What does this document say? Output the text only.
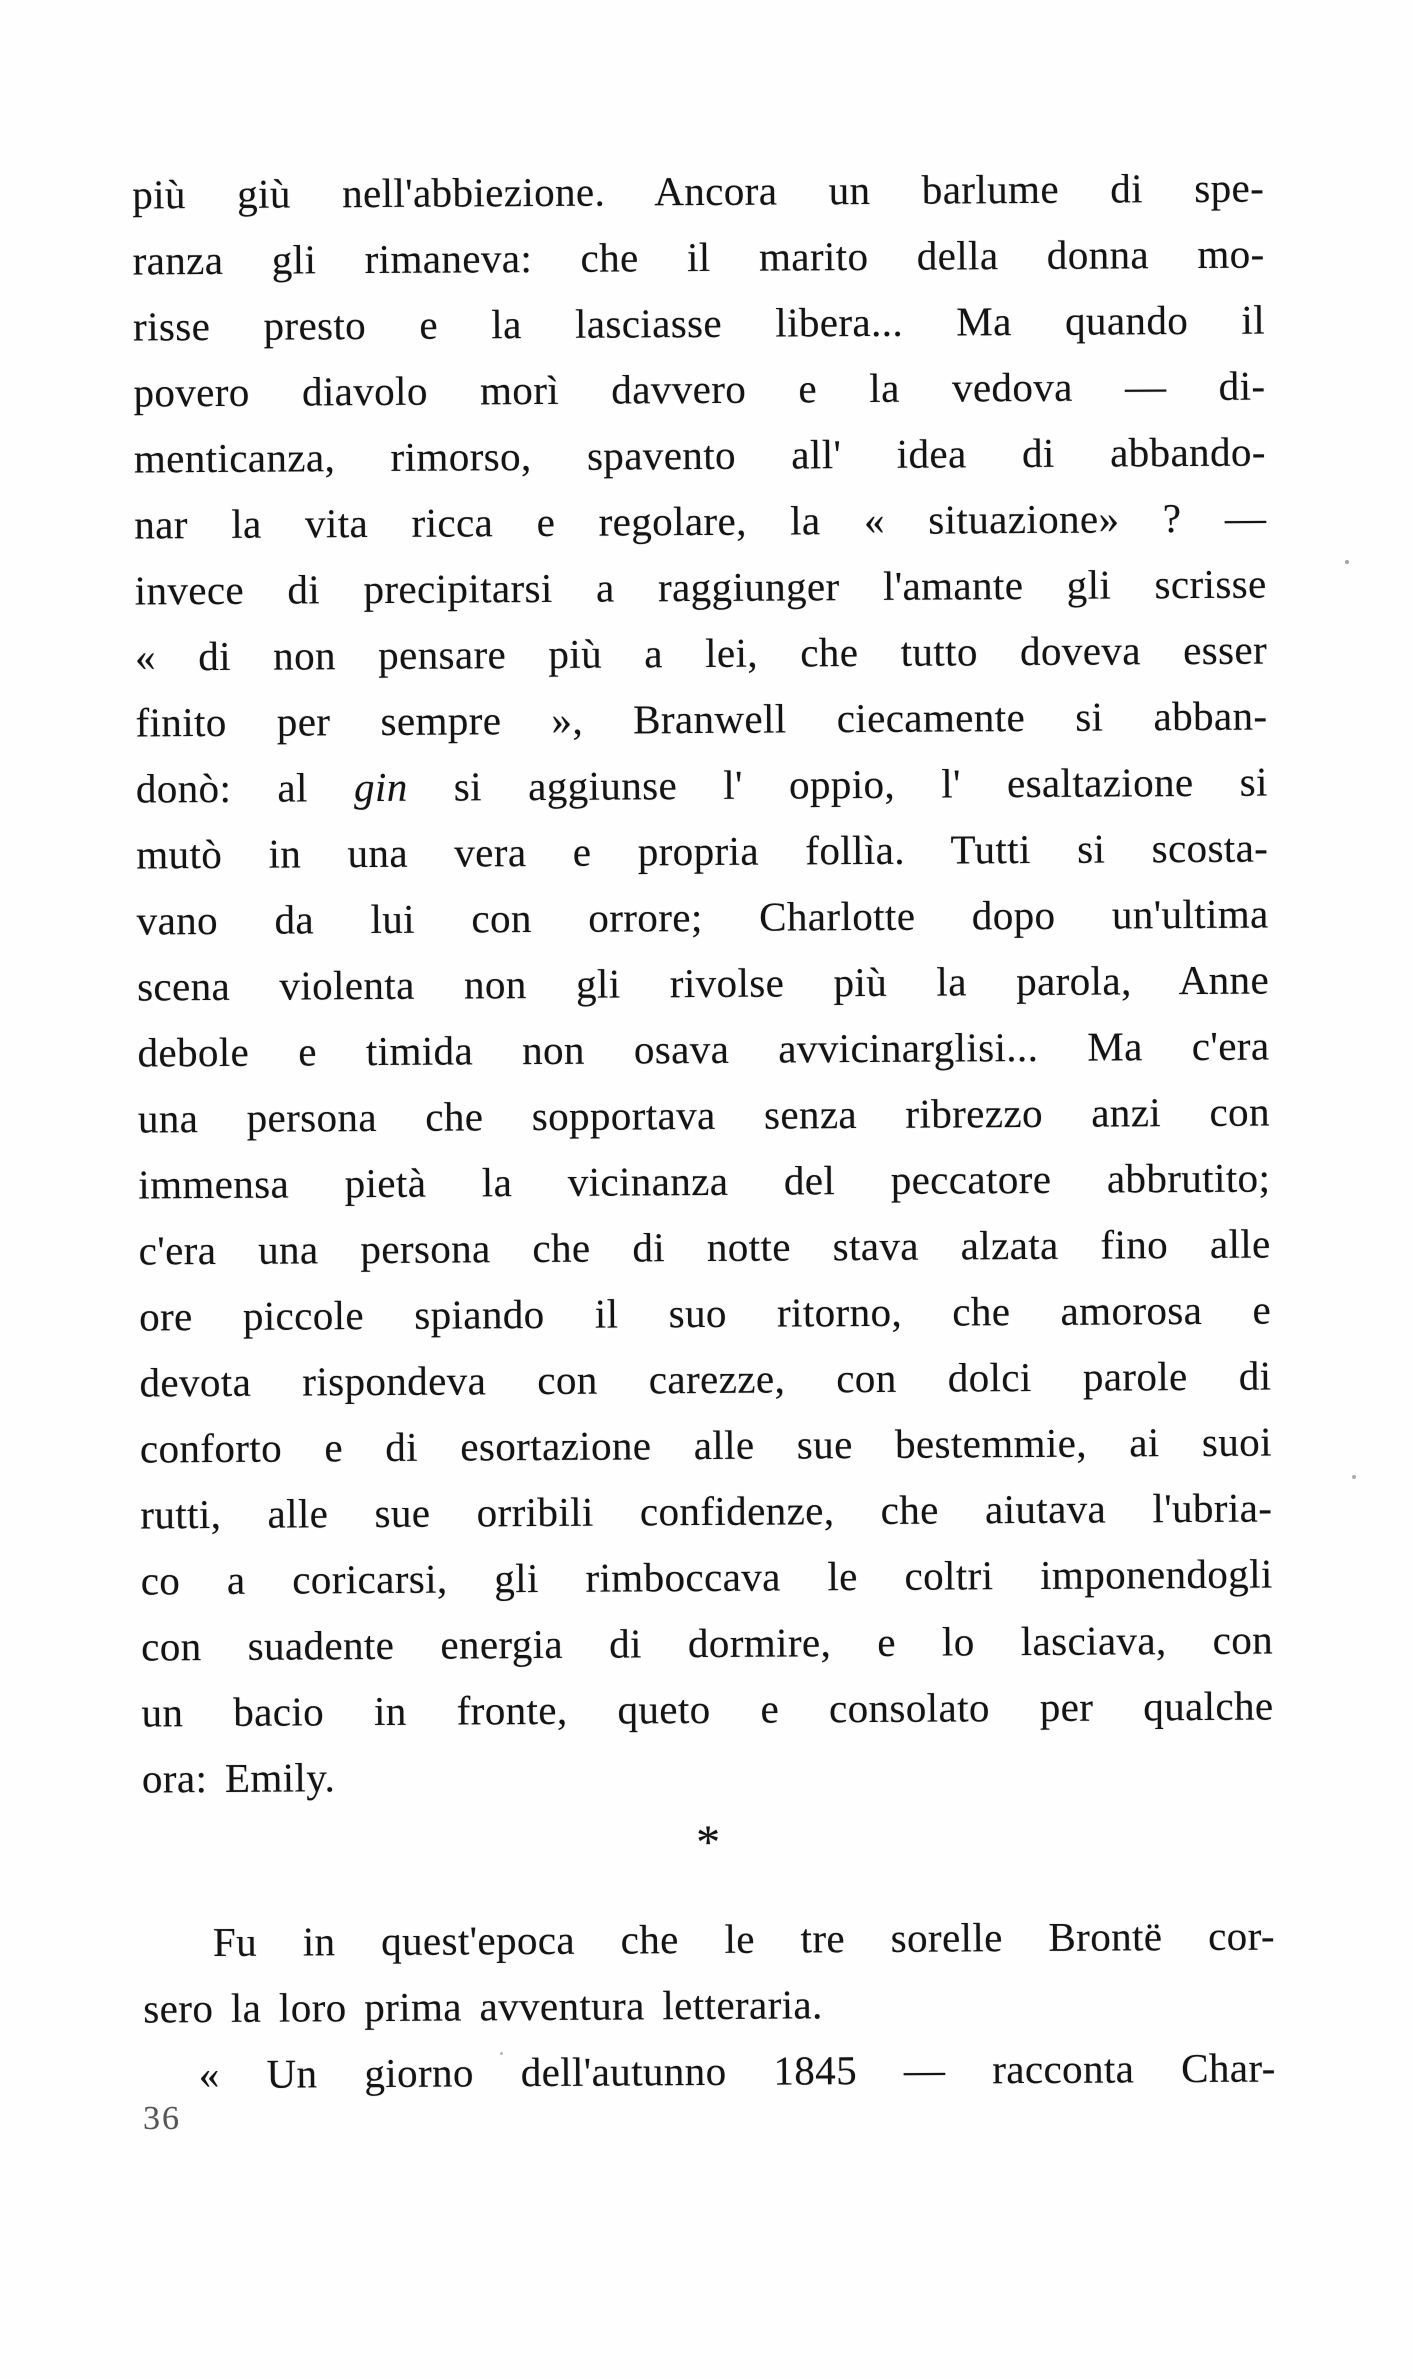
più giù nell'abbiezione. Ancora un barlume di spe-
ranza gli rimaneva: che il marito della donna mo-
risse presto e la lasciasse libera... Ma quando il
povero diavolo morì davvero e la vedova — di-
menticanza, rimorso, spavento all' idea di abbando-
nar la vita ricca e regolare, la « situazione» ? —
invece di precipitarsi a raggiunger l'amante gli scrisse
« di non pensare più a lei, che tutto doveva esser
finito per sempre », Branwell ciecamente si abban-
donò: al gin si aggiunse l' oppio, l' esaltazione si
mutò in una vera e propria follìa. Tutti si scosta-
vano da lui con orrore; Charlotte dopo un'ultima
scena violenta non gli rivolse più la parola, Anne
debole e timida non osava avvicinarglisi... Ma c'era
una persona che sopportava senza ribrezzo anzi con
immensa pietà la vicinanza del peccatore abbrutito;
c'era una persona che di notte stava alzata fino alle
ore piccole spiando il suo ritorno, che amorosa e
devota rispondeva con carezze, con dolci parole di
conforto e di esortazione alle sue bestemmie, ai suoi
rutti, alle sue orribili confidenze, che aiutava l'ubria-
co a coricarsi, gli rimboccava le coltri imponendogli
con suadente energia di dormire, e lo lasciava, con
un bacio in fronte, queto e consolato per qualche
ora: Emily.
*
Fu in quest'epoca che le tre sorelle Brontë cor-
sero la loro prima avventura letteraria.
« Un giorno dell'autunno 1845 — racconta Char-
36
